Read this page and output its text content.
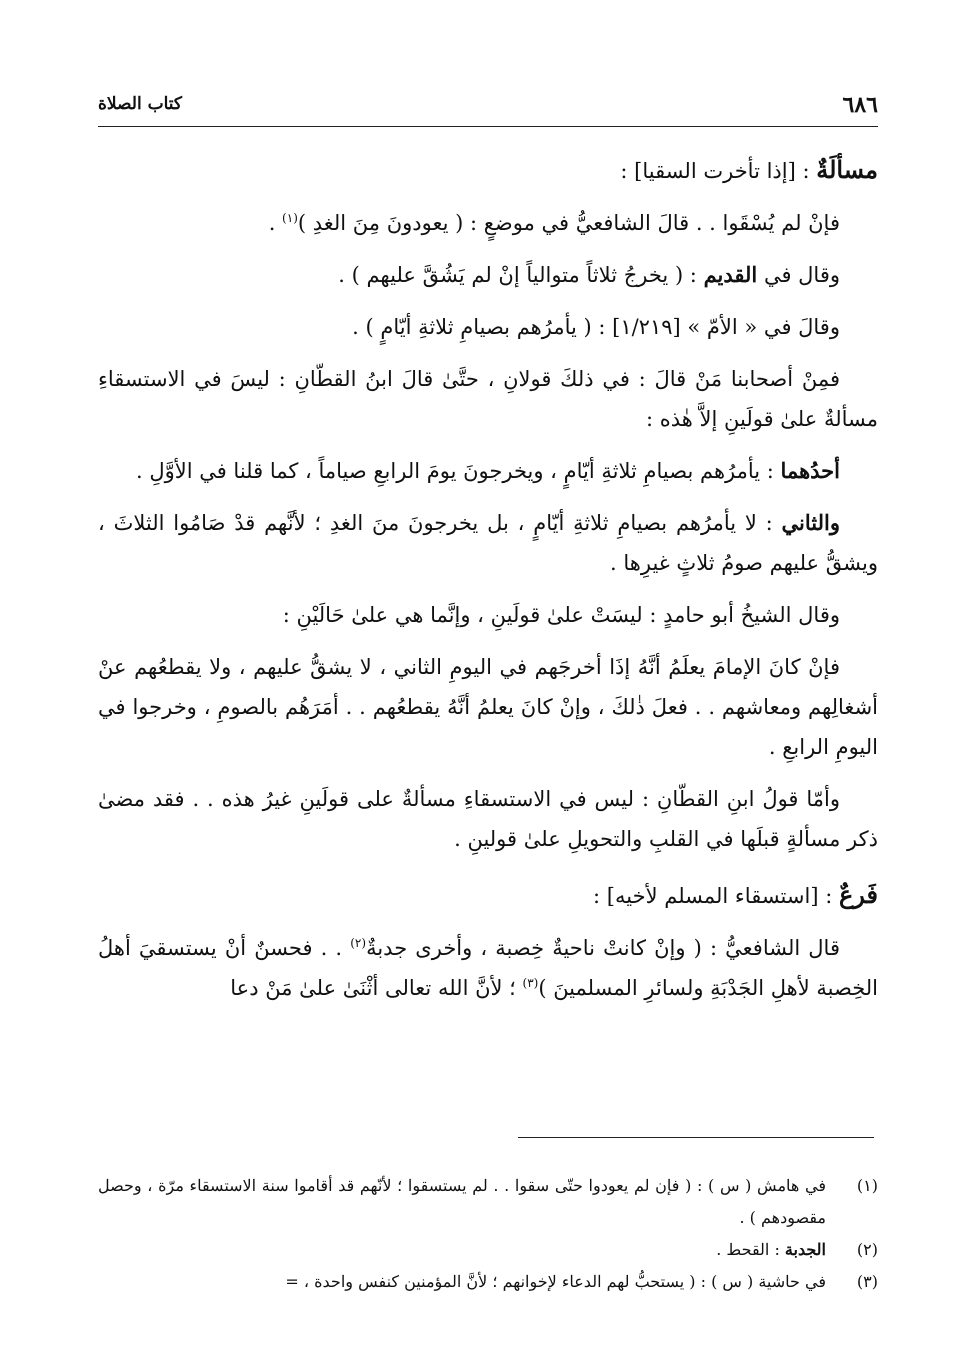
٦٨٦
كتاب الصلاة

مسألَةٌ : [إذا تأخرت السقيا] :

فإنْ لم يُسْقَوا . . قالَ الشافعيُّ في موضعٍ : ( يعودونَ مِنَ الغدِ )$^{(١)}$ .

وقال في القديم : ( يخرجُ ثلاثاً متوالياً إنْ لم يَشُقَّ عليهم ) .

وقالَ في « الأمّ » [١/٢١٩] : ( يأمرُهم بصيامِ ثلاثةِ أيّامٍ ) .

فمِنْ أصحابنا مَنْ قالَ : في ذلكَ قولانِ ، حتَّىٰ قالَ ابنُ القطّانِ : ليسَ في الاستسقاءِ مسألةٌ علىٰ قولَينِ إلاَّ هٰذه :

أحدُهما : يأمرُهم بصيامِ ثلاثةِ أيّامٍ ، ويخرجونَ يومَ الرابعِ صياماً ، كما قلنا في الأوَّلِ .

والثاني : لا يأمرُهم بصيامِ ثلاثةِ أيّامٍ ، بل يخرجونَ منَ الغدِ ؛ لأنَّهم قدْ صَامُوا الثلاثَ ، ويشقُّ عليهم صومُ ثلاثٍ غيرِها .

وقال الشيخُ أبو حامدٍ : ليسَتْ علىٰ قولَينِ ، وإنَّما هي علىٰ حَالَيْنِ :

فإنْ كانَ الإمامَ يعلَمُ أنَّهُ إذَا أخرجَهم في اليومِ الثاني ، لا يشقُّ عليهم ، ولا يقطعُهم عنْ أشغالِهم ومعاشهم . . فعلَ ذٰلكَ ، وإنْ كانَ يعلمُ أنَّهُ يقطعُهم . . أمَرَهُم بالصومِ ، وخرجوا في اليومِ الرابعِ .

وأمّا قولُ ابنِ القطّانِ : ليس في الاستسقاءِ مسألةٌ على قولَينِ غيرُ هذه . . فقد مضىٰ ذكر مسألةٍ قبلَها في القلبِ والتحويلِ علىٰ قولينِ .

فَرعٌ : [استسقاء المسلم لأخيه] :

قال الشافعيُّ : ( وإنْ كانتْ ناحيةٌ خِصبة ، وأخرى جدبةٌ$^{(٢)}$ . . فحسنٌ أنْ يستسقيَ أهلُ الخِصبة لأهلِ الجَدْبَةِ ولسائرِ المسلمينَ )$^{(٣)}$ ؛ لأنَّ الله تعالى أثْنَىٰ علىٰ مَنْ دعا

(١)
في هامش ( س ) : ( فإن لم يعودوا حتّى سقوا . . لم يستسقوا ؛ لأنّهم قد أقاموا سنة الاستسقاء مرّة ، وحصل مقصودهم ) .
(٢)
الجدبة : القحط .
(٣)
في حاشية ( س ) : ( يستحبُّ لهم الدعاء لإخوانهم ؛ لأنَّ المؤمنين كنفس واحدة ، =
